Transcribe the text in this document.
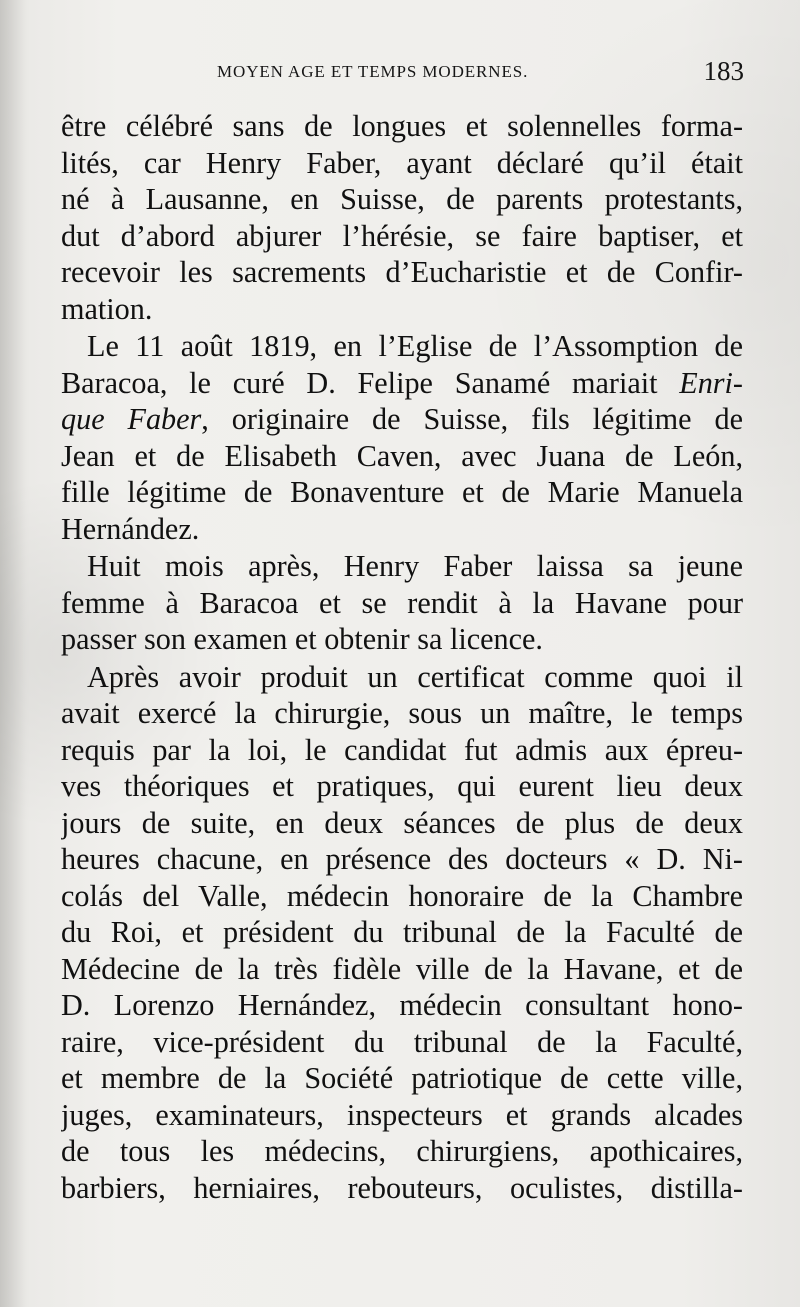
MOYEN AGE ET TEMPS MODERNES.	183
être célébré sans de longues et solennelles forma-
lités, car Henry Faber, ayant déclaré qu’il était
né à Lausanne, en Suisse, de parents protestants,
dut d’abord abjurer l’hérésie, se faire baptiser, et
recevoir les sacrements d’Eucharistie et de Confir-
mation.
Le 11 août 1819, en l’Eglise de l’Assomption de
Baracoa, le curé D. Felipe Sanamé mariait Enri-
que Faber, originaire de Suisse, fils légitime de
Jean et de Elisabeth Caven, avec Juana de León,
fille légitime de Bonaventure et de Marie Manuela
Hernández.
Huit mois après, Henry Faber laissa sa jeune
femme à Baracoa et se rendit à la Havane pour
passer son examen et obtenir sa licence.
Après avoir produit un certificat comme quoi il
avait exercé la chirurgie, sous un maître, le temps
requis par la loi, le candidat fut admis aux épreu-
ves théoriques et pratiques, qui eurent lieu deux
jours de suite, en deux séances de plus de deux
heures chacune, en présence des docteurs « D. Ni-
colás del Valle, médecin honoraire de la Chambre
du Roi, et président du tribunal de la Faculté de
Médecine de la très fidèle ville de la Havane, et de
D. Lorenzo Hernández, médecin consultant hono-
raire, vice-président du tribunal de la Faculté,
et membre de la Société patriotique de cette ville,
juges, examinateurs, inspecteurs et grands alcades
de tous les médecins, chirurgiens, apothicaires,
barbiers, herniaires, rebouteurs, oculistes, distilla-
